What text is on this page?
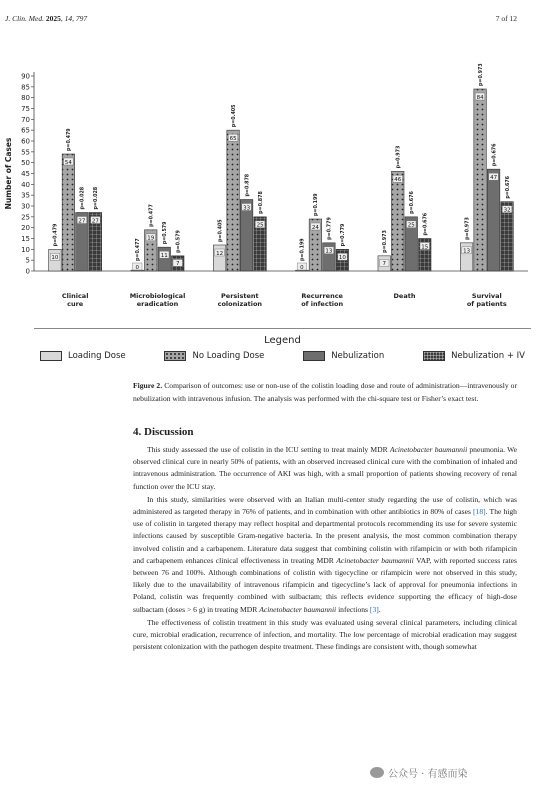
J. Clin. Med. 2025, 14, 797	7 of 12
0
5
10
15
20
25
30
35
40
45
50
55
60
65
70
75
80
85
90
Number of Cases
10
p=0.479
54
p=0.479
27
p=0.028
27
p=0.028
0
p=0.477 19
p=0.477
11
p=0.579
7
p=0.579
12
p=0.405
65
p=0.405
33
p=0.878
25
p=0.878
0
p=0.199
24
p=0.199
13
p=0.779
10
p=0.779
7
p=0.973
46
p=0.973
25
p=0.676
15
p=0.676
13
p=0.973
84
p=0.973
47
p=0.676
32
p=0.676
Clinical
cure
Microbiological
eradication
Persistent
colonization
Recurrence
of infection
Death	Survival
of patients
Legend
Loading Dose	No Loading Dose	Nebulization	Nebulization + IV
Figure 2. Comparison of outcomes: use or non-use of the colistin loading dose and route of administration—intravenously or nebulization with intravenous infusion. The analysis was performed with the chi-square test or Fisher’s exact test.
4. Discussion

This study assessed the use of colistin in the ICU setting to treat mainly MDR Acinetobacter baumannii pneumonia. We observed clinical cure in nearly 50% of patients, with an observed increased clinical cure with the combination of inhaled and intravenous administration. The occurrence of AKI was high, with a small proportion of patients showing recovery of renal function over the ICU stay.

In this study, similarities were observed with an Italian multi-center study regarding the use of colistin, which was administered as targeted therapy in 76% of patients, and in combination with other antibiotics in 80% of cases [18]. The high use of colistin in targeted therapy may reflect hospital and departmental protocols recommending its use for severe systemic infections caused by susceptible Gram-negative bacteria. In the present analysis, the most common combination therapy involved colistin and a carbapenem. Literature data suggest that combining colistin with rifampicin or with both rifampicin and carbapenem enhances clinical effectiveness in treating MDR Acinetobacter baumannii VAP, with reported success rates between 76 and 100%. Although combinations of colistin with tigecycline or rifampicin were not observed in this study, likely due to the unavailability of intravenous rifampicin and tigecycline’s lack of approval for pneumonia infections in Poland, colistin was frequently combined with sulbactam; this reflects evidence supporting the efficacy of high-dose sulbactam (doses > 6 g) in treating MDR Acinetobacter baumannii infections [3].

The effectiveness of colistin treatment in this study was evaluated using several clinical parameters, including clinical cure, microbial eradication, recurrence of infection, and mortality. The low percentage of microbial eradication may suggest persistent colonization with the pathogen despite treatment. These findings are consistent with, though somewhat

公众号 · 有感而染
